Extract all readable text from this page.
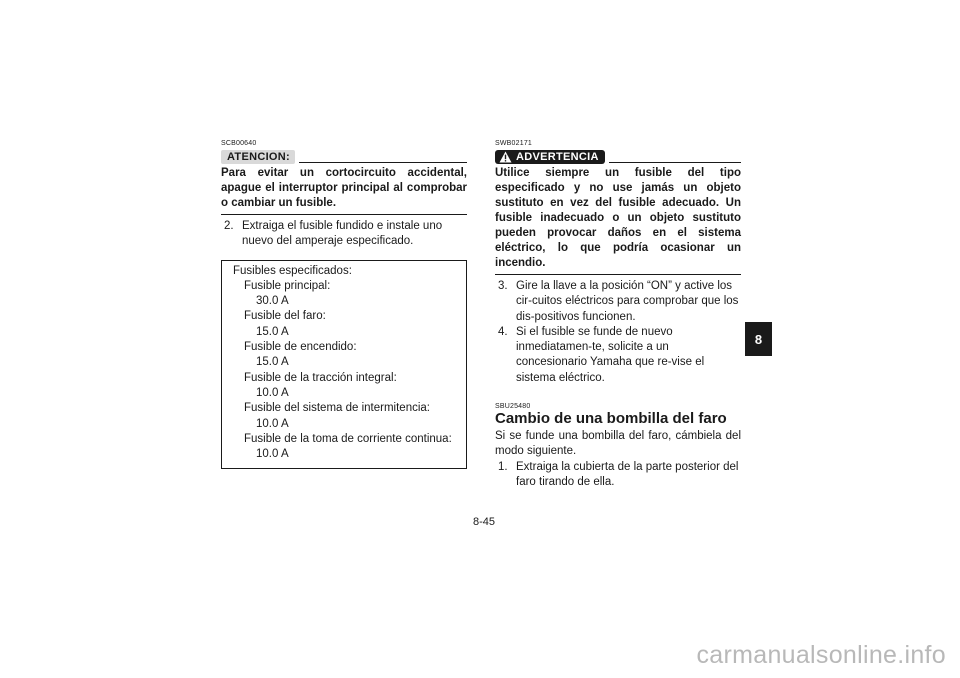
SCB00640
ATENCION:
Para evitar un cortocircuito accidental, apague el interruptor principal al comprobar o cambiar un fusible.
2. Extraiga el fusible fundido e instale uno nuevo del amperaje especificado.
Fusibles especificados:
Fusible principal:
30.0 A
Fusible del faro:
15.0 A
Fusible de encendido:
15.0 A
Fusible de la tracción integral:
10.0 A
Fusible del sistema de intermitencia:
10.0 A
Fusible de la toma de corriente continua:
10.0 A
SWB02171
ADVERTENCIA
Utilice siempre un fusible del tipo especificado y no use jamás un objeto sustituto en vez del fusible adecuado. Un fusible inadecuado o un objeto sustituto pueden provocar daños en el sistema eléctrico, lo que podría ocasionar un incendio.
3. Gire la llave a la posición “ON” y active los cir-cuitos eléctricos para comprobar que los dis-positivos funcionen.
4. Si el fusible se funde de nuevo inmediatamen-te, solicite a un concesionario Yamaha que re-vise el sistema eléctrico.
SBU25480
Cambio de una bombilla del faro
Si se funde una bombilla del faro, cámbiela del modo siguiente.
1. Extraiga la cubierta de la parte posterior del faro tirando de ella.
8
8-45
carmanualsonline.info
